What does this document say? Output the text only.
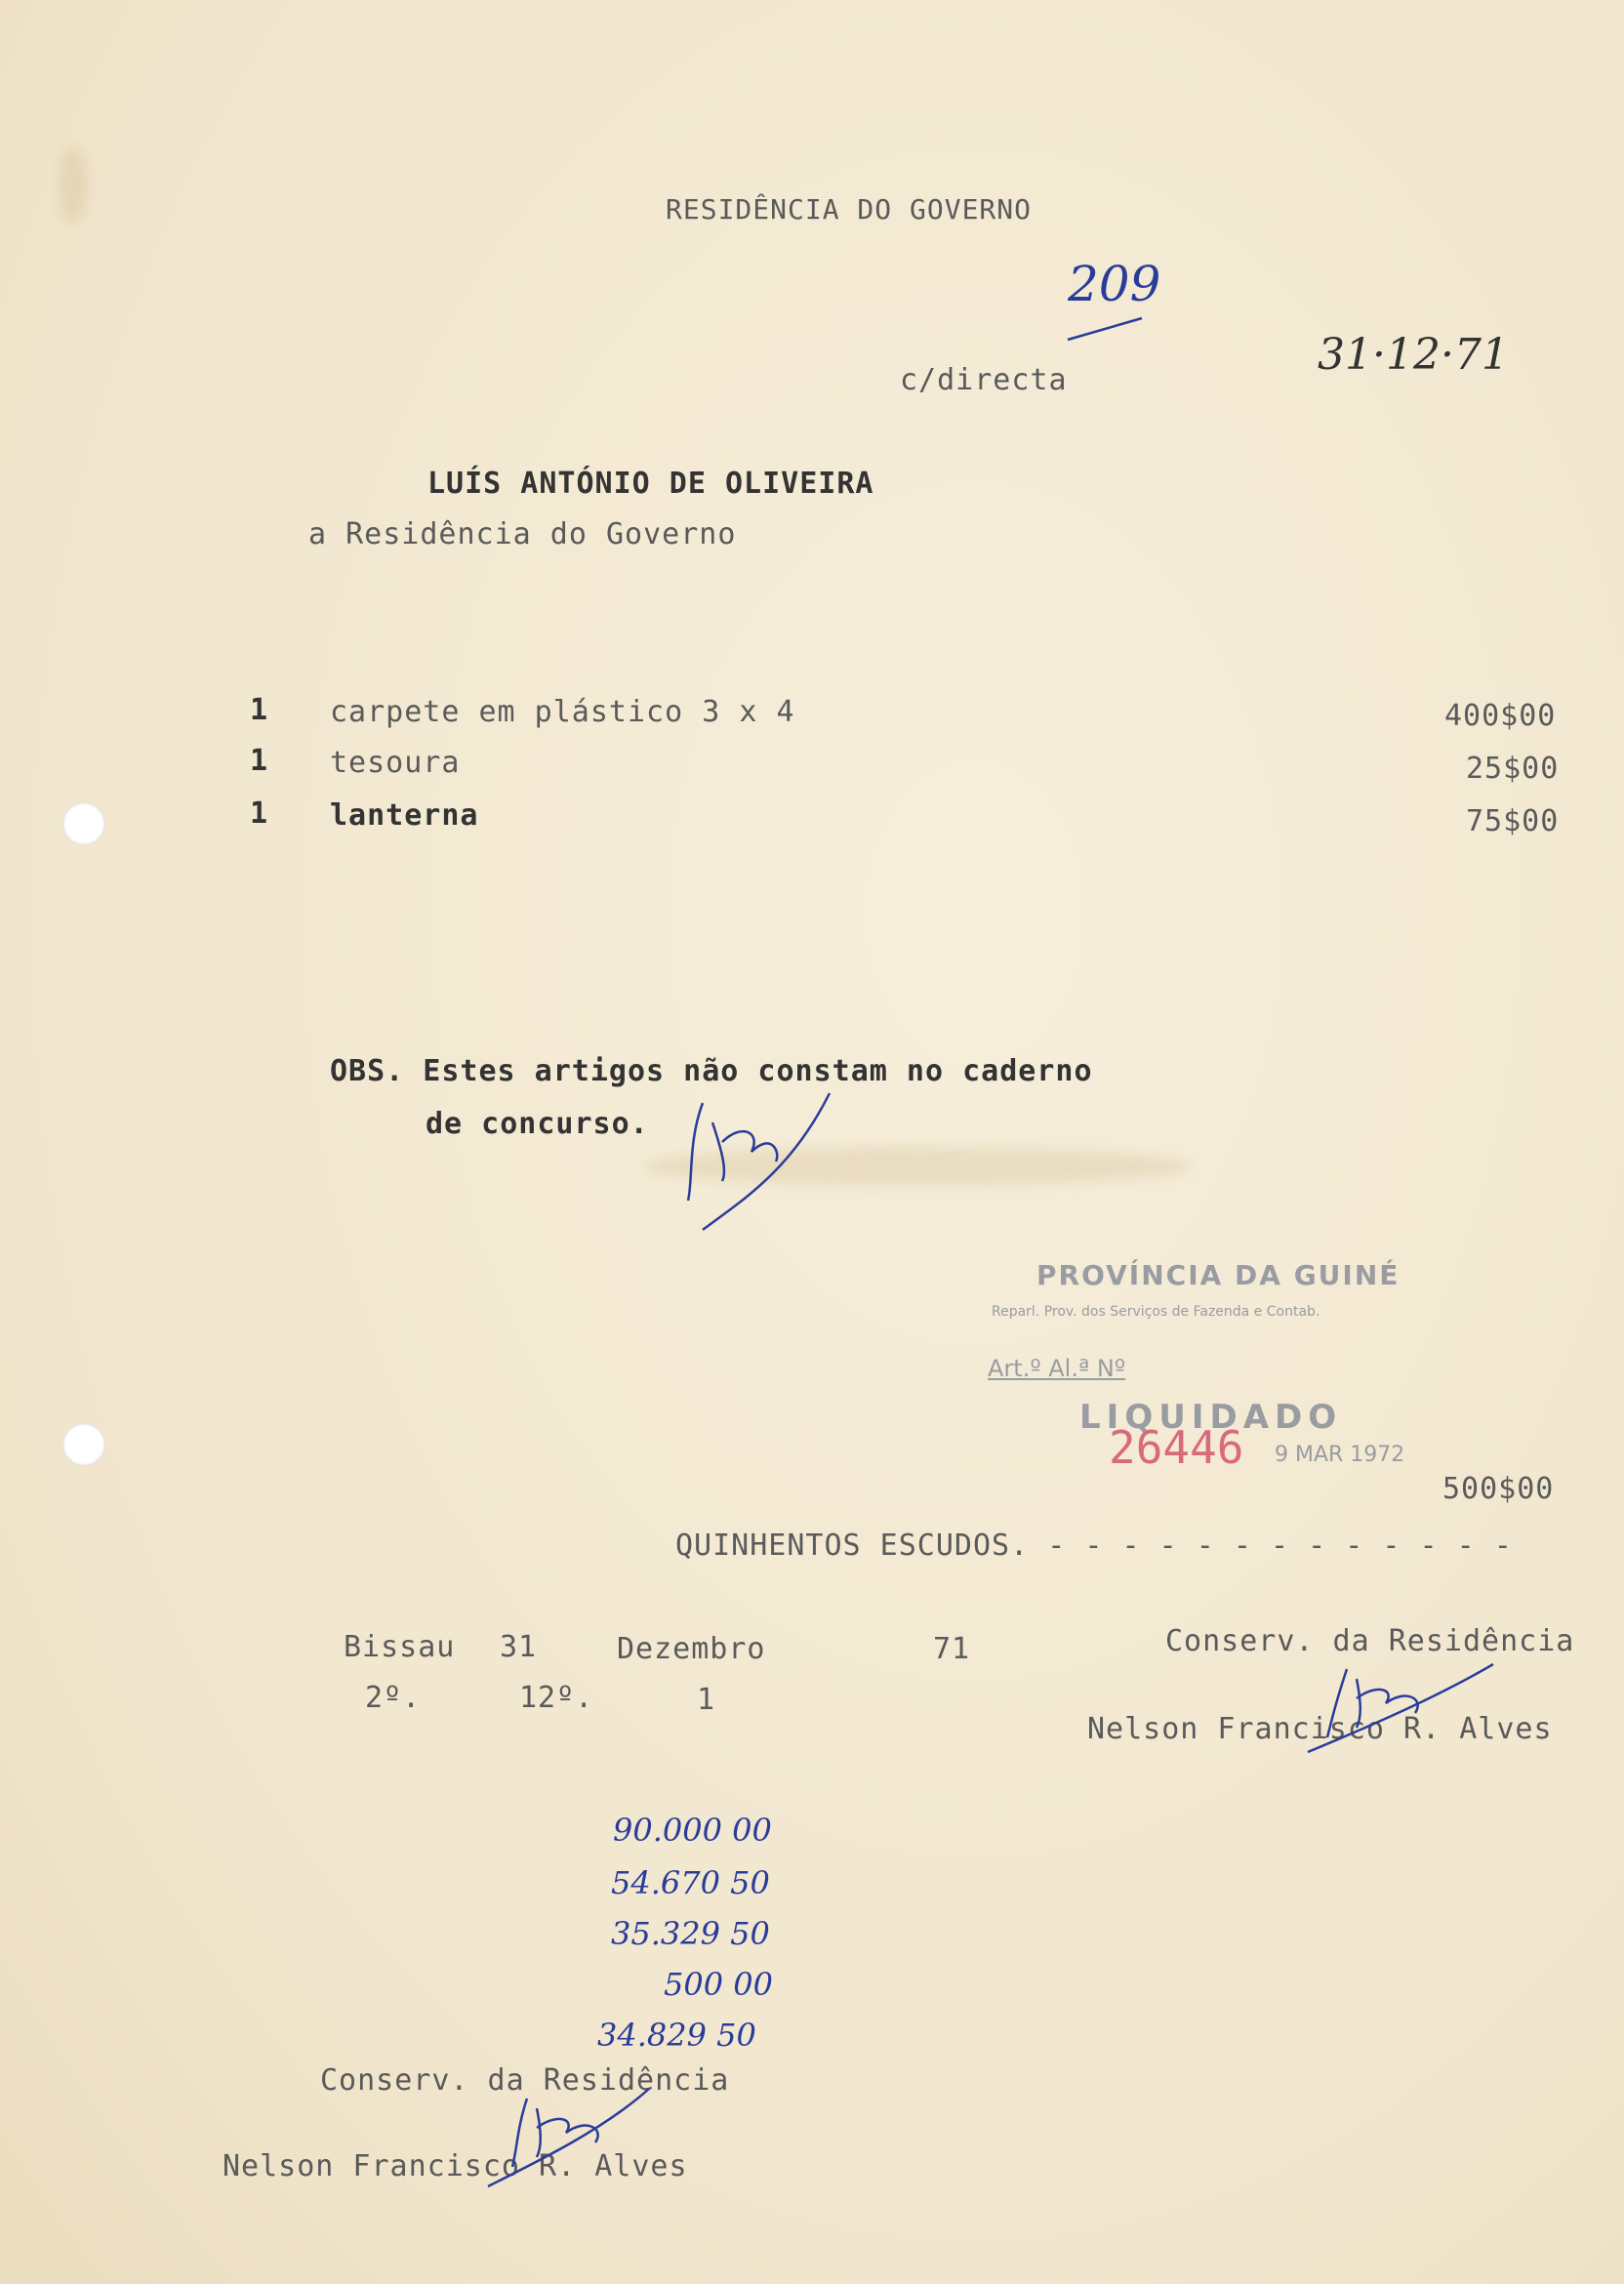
RESIDÊNCIA DO GOVERNO
209
c/directa
31·12·71
LUÍS ANTÓNIO DE OLIVEIRA
a Residência do Governo
1 carpete em plástico 3 x 4	400$00
1 tesoura	25$00
1 lanterna	75$00
OBS. Estes artigos não constam no caderno
de concurso.
PROVÍNCIA DA GUINÉ
Reparl. Prov. dos Serviços de Fazenda e Contab.
Art.º Al.ª Nº
LIQUIDADO
26446 9 MAR 1972
500$00
QUINHENTOS ESCUDOS. - - - - - - - - - - - - -
Bissau 31	Dezembro	71
2º.	12º.	1
Conserv. da Residência
Nelson Francisco R. Alves
90.000 00
54.670 50
35.329 50
500 00
34.829 50
Conserv. da Residência
Nelson Francisco R. Alves
